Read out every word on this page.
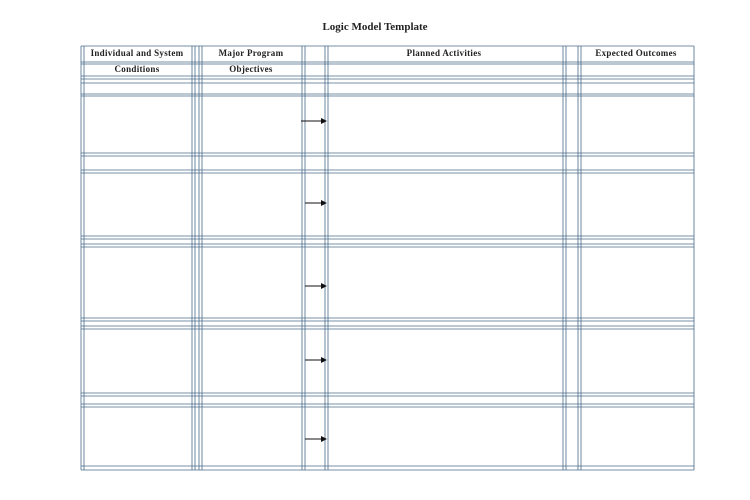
Logic Model Template
Individual and System
Conditions
Major Program
Objectives
Planned Activities	Expected Outcomes
